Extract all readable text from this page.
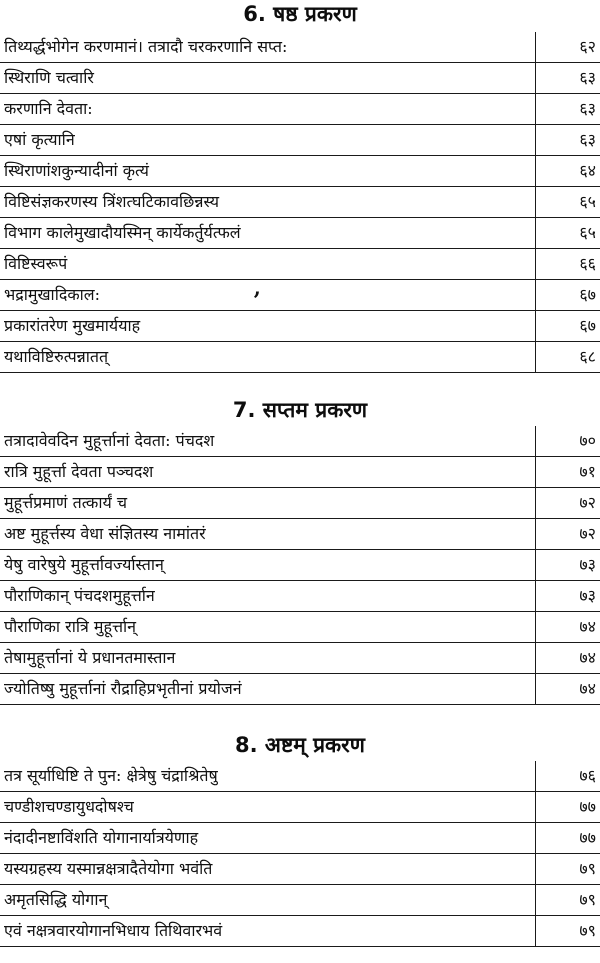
6. षष्ठ प्रकरण
तिथ्यर्द्धभोगेन करणमानं। तत्रादौ चरकरणानि सप्त:	६२
स्थिराणि चत्वारि	६३
करणानि देवता:	६३
एषां कृत्यानि	६३
स्थिराणांशकुन्यादीनां कृत्यं	६४
विष्टिसंज्ञकरणस्य त्रिंशत्घटिकावछिन्नस्य	६५
विभाग कालेमुखादौयस्मिन् कार्येकर्तुर्यत्फलं	६५
विष्टिस्वरूपं	६६
भद्रामुखादिकाल:	६७
प्रकारांतरेण मुखमार्ययाह	६७
यथाविष्टिरुत्पन्नातत्	६८
’
7. सप्तम प्रकरण
तत्रादावेवदिन मुहूर्त्तानां देवता: पंचदश	७०
रात्रि मुहूर्त्ता देवता पञ्चदश	७१
मुहूर्त्तप्रमाणं तत्कार्यं च	७२
अष्ट मुहूर्त्तस्य वेधा संज्ञितस्य नामांतरं	७२
येषु वारेषुये मुहूर्त्तावर्ज्यास्तान्	७३
पौराणिकान् पंचदशमुहूर्त्तान	७३
पौराणिका रात्रि मुहूर्त्तान्	७४
तेषामुहूर्त्तानां ये प्रधानतमास्तान	७४
ज्योतिष्षु मुहूर्त्तानां रौद्राहिप्रभृतीनां प्रयोजनं	७४
8. अष्टम् प्रकरण
तत्र सूर्याधिष्टि ते पुन: क्षेत्रेषु चंद्राश्रितेषु	७६
चण्डीशचण्डायुधदोषश्च	७७
नंदादीनष्टाविंशति योगानार्यात्रयेणाह	७७
यस्यग्रहस्य यस्मान्नक्षत्रादैतेयोगा भवंति	७९
अमृतसिद्धि योगान्	७९
एवं नक्षत्रवारयोगानभिधाय तिथिवारभवं	७९
